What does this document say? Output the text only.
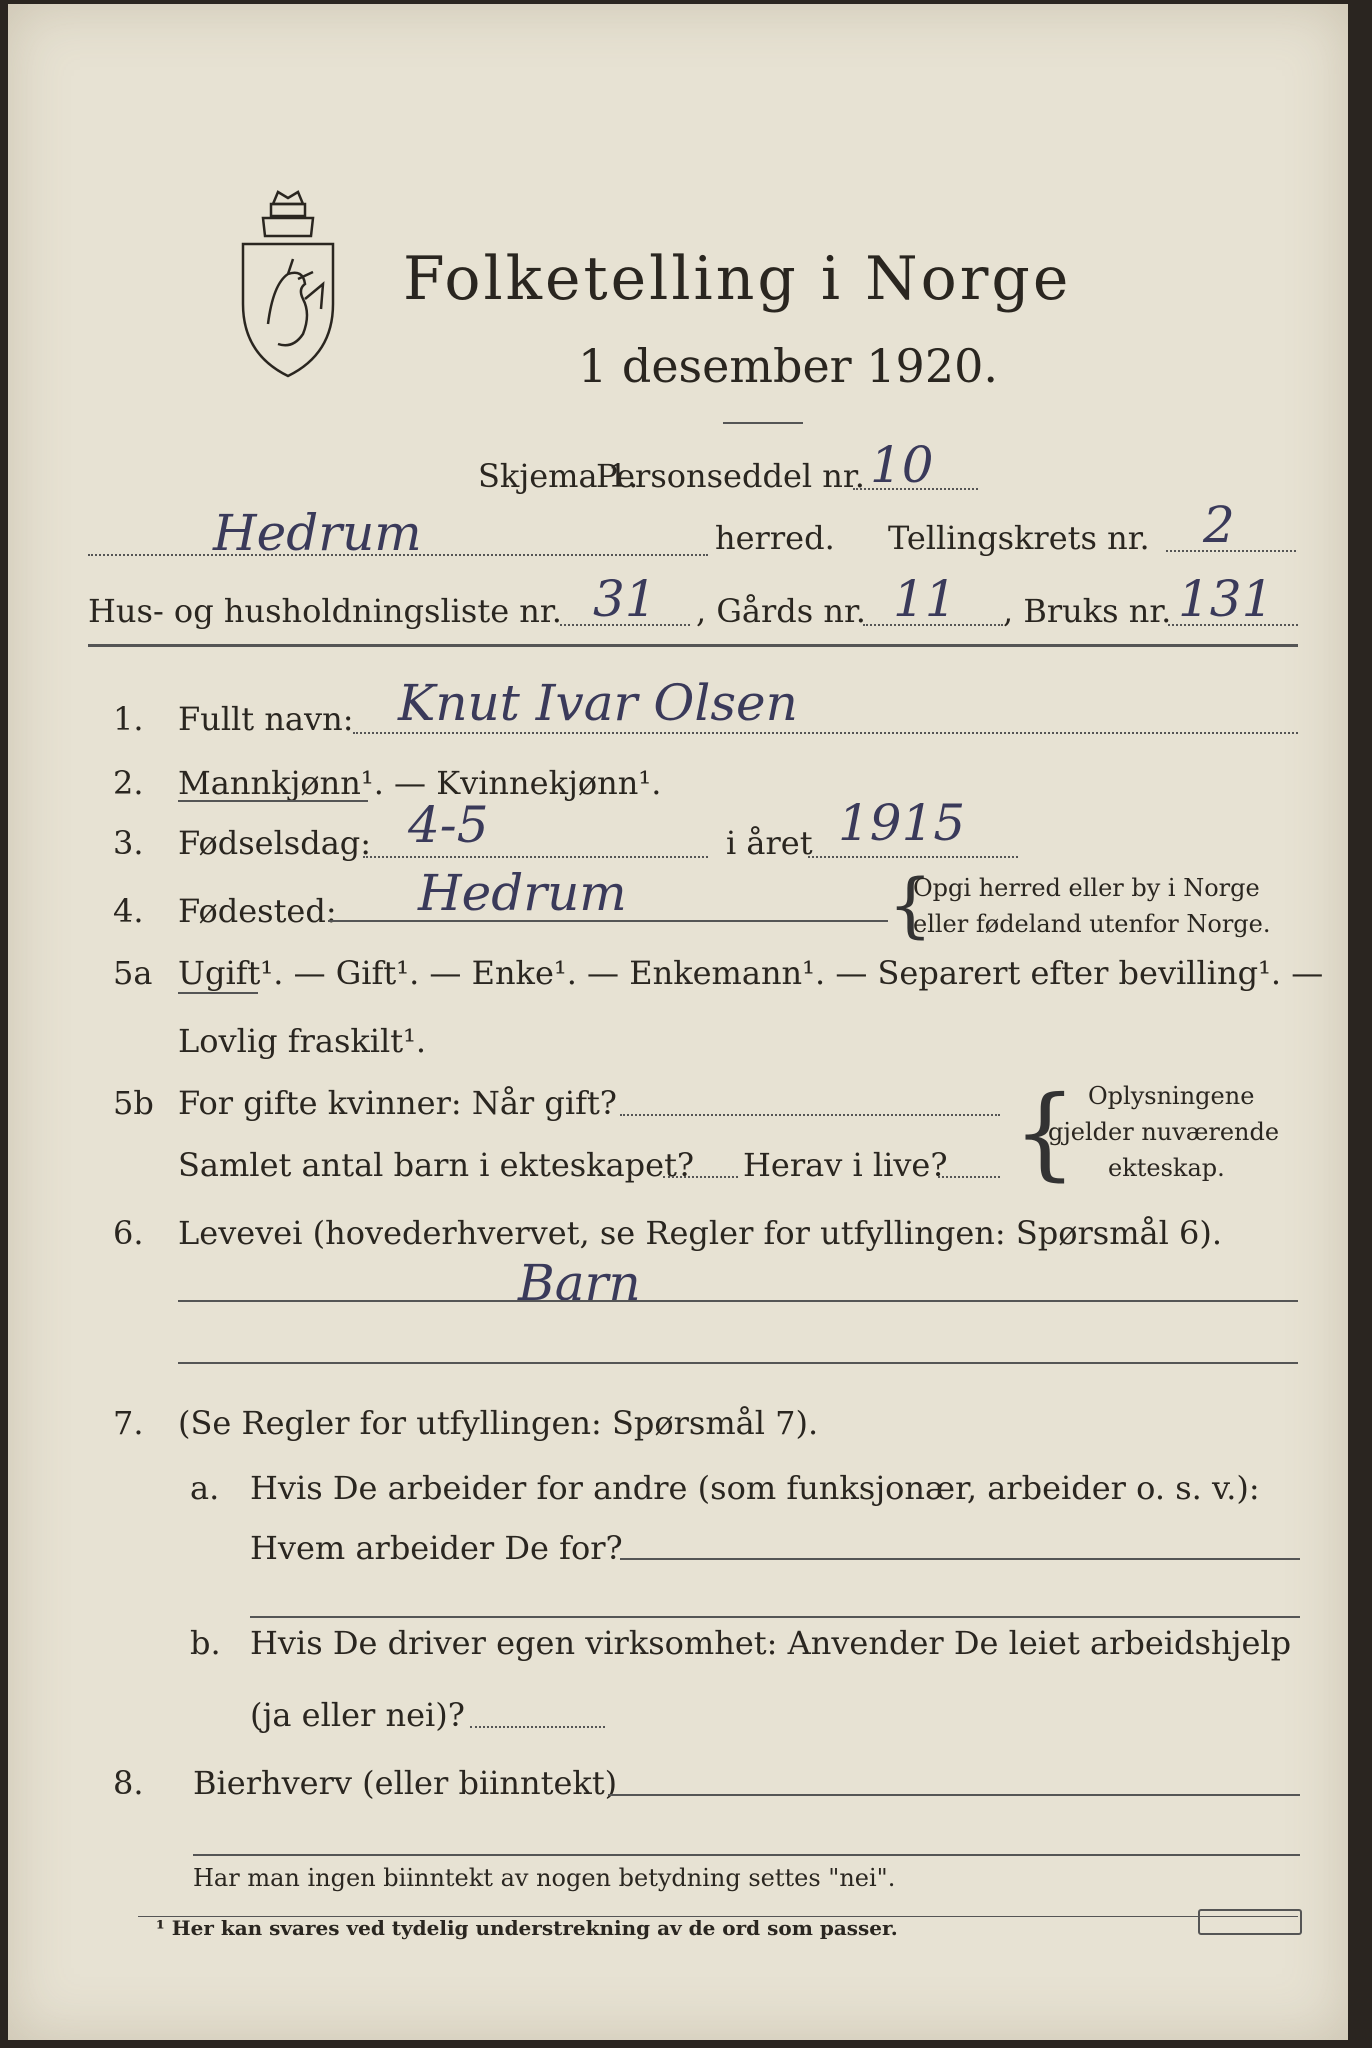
Folketelling i Norge
1 desember 1920.
Skjema 1.
Personseddel nr. 10
Hedrum	herred. Tellingskrets nr. 2
Hus- og husholdningsliste nr. 31 , Gårds nr. 11 , Bruks nr. 131
1. Fullt navn: Knut Ivar Olsen
2. Mannkjønn¹. — Kvinnekjønn¹.
3. Fødselsdag: 4-5	i året 1915
4. Fødested: Hedrum	{
Opgi herred eller by i Norge
eller fødeland utenfor Norge.
5a Ugift¹. — Gift¹. — Enke¹. — Enkemann¹. — Separert efter bevilling¹. —
Lovlig fraskilt¹.
5b For gifte kvinner: Når gift?
Samlet antal barn i ekteskapet? Herav i live? { Oplysningene
gjelder nuværende
ekteskap.
6. Levevei (hovederhvervet, se Regler for utfyllingen: Spørsmål 6).
Barn
7. (Se Regler for utfyllingen: Spørsmål 7).
a. Hvis De arbeider for andre (som funksjonær, arbeider o. s. v.):
Hvem arbeider De for?
b. Hvis De driver egen virksomhet: Anvender De leiet arbeidshjelp
(ja eller nei)?
8. Bierhverv (eller biinntekt)
Har man ingen biinntekt av nogen betydning settes "nei".
¹ Her kan svares ved tydelig understrekning av de ord som passer.
